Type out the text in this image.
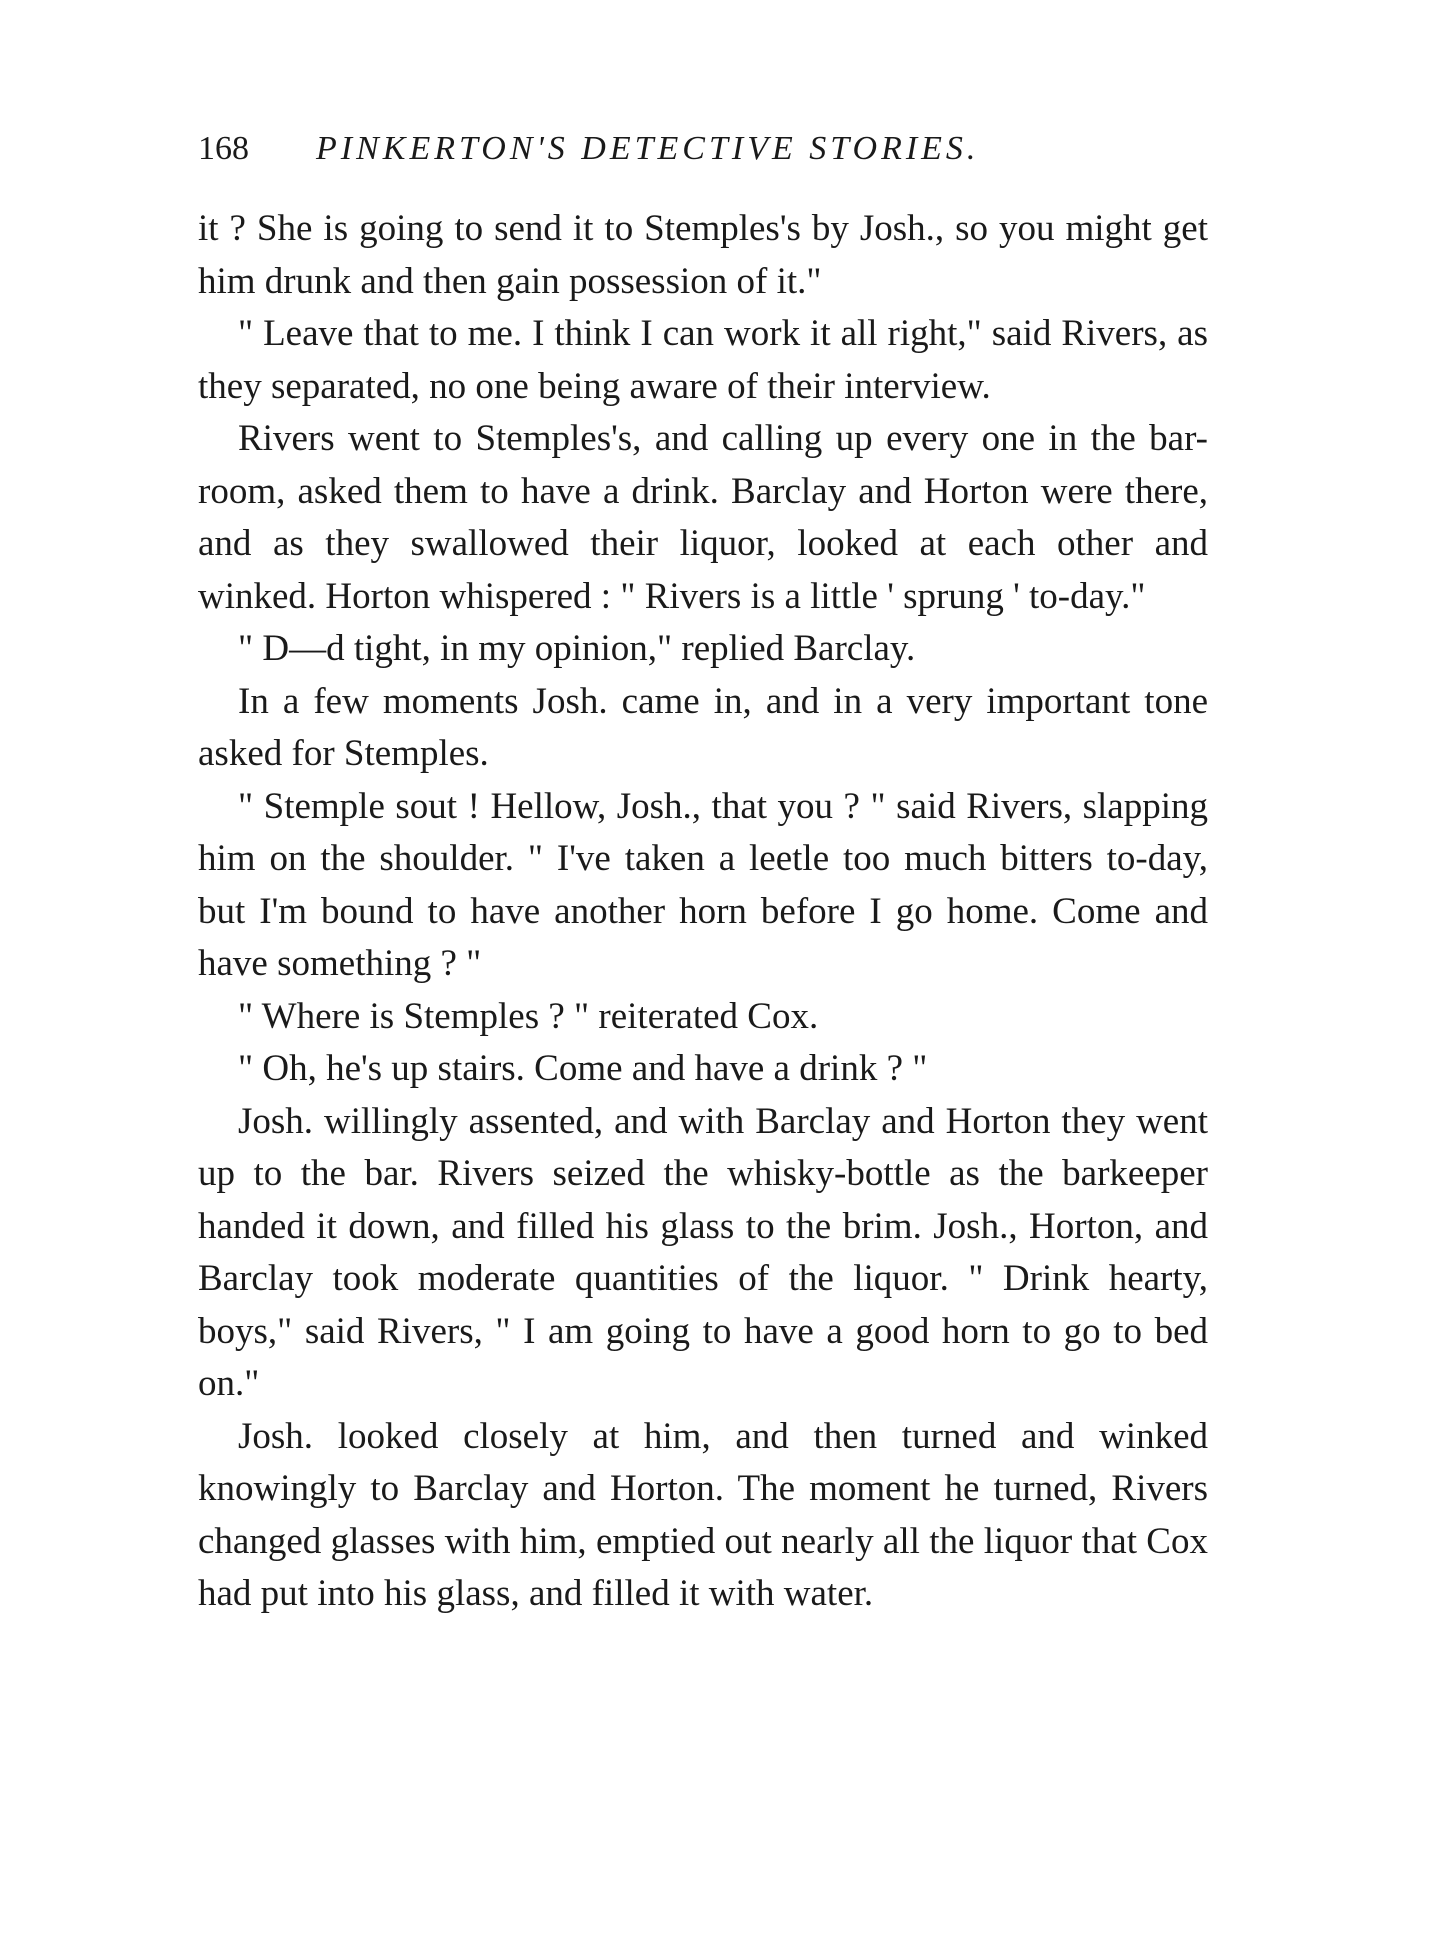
168 PINKERTON'S DETECTIVE STORIES.

it ? She is going to send it to Stemples's by Josh., so you might get him drunk and then gain possession of it."

" Leave that to me. I think I can work it all right," said Rivers, as they separated, no one being aware of their interview.

Rivers went to Stemples's, and calling up every one in the bar-room, asked them to have a drink. Barclay and Horton were there, and as they swallowed their liquor, looked at each other and winked. Horton whispered : " Rivers is a little ' sprung ' to-day."

" D—d tight, in my opinion," replied Barclay.

In a few moments Josh. came in, and in a very important tone asked for Stemples.

" Stemple sout ! Hellow, Josh., that you ? " said Rivers, slapping him on the shoulder. " I've taken a leetle too much bitters to-day, but I'm bound to have another horn before I go home. Come and have something ? "

" Where is Stemples ? " reiterated Cox.

" Oh, he's up stairs. Come and have a drink ? "

Josh. willingly assented, and with Barclay and Horton they went up to the bar. Rivers seized the whisky-bottle as the barkeeper handed it down, and filled his glass to the brim. Josh., Horton, and Barclay took moderate quantities of the liquor. " Drink hearty, boys," said Rivers, " I am going to have a good horn to go to bed on."

Josh. looked closely at him, and then turned and winked knowingly to Barclay and Horton. The moment he turned, Rivers changed glasses with him, emptied out nearly all the liquor that Cox had put into his glass, and filled it with water.
